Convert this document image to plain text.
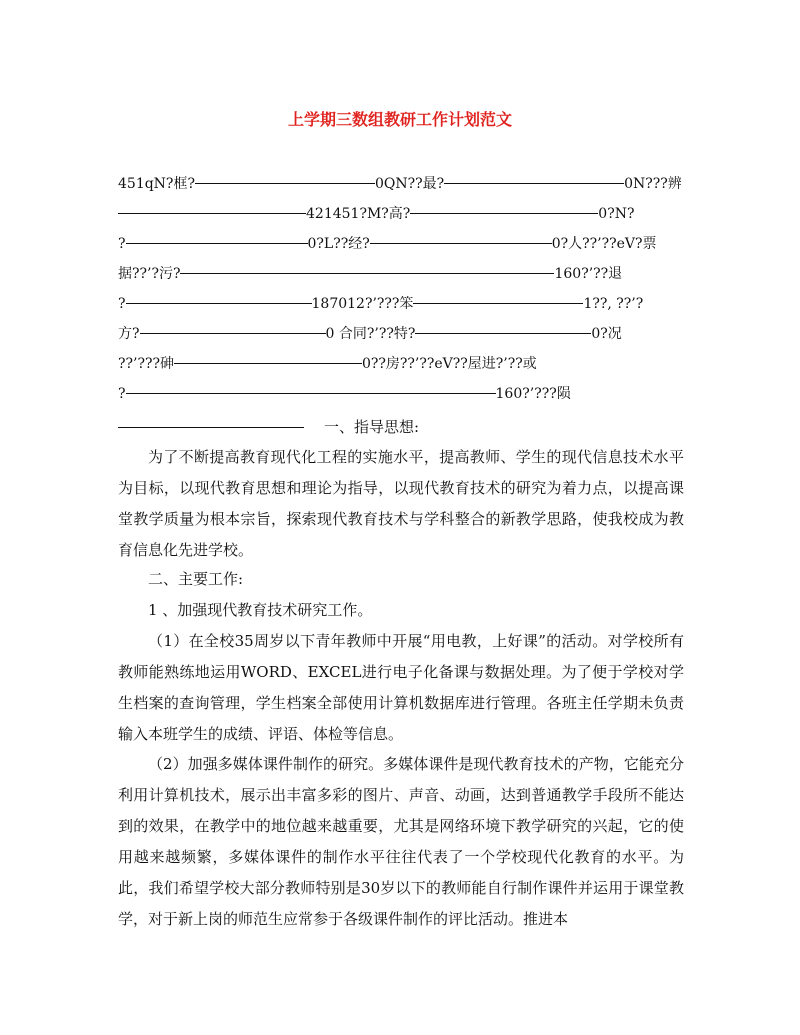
上学期三数组教研工作计划范文
451qN?框?	0QN??最?	0N???辨
421451?M?高?	0?N?
?	0?L??经?	0?人??’??eV?票
据??’?污?	160?’??退
?	187012?’???笨	1??, ??’?
方?	0 合同?’??特?	0?况
??’???砷	0??房??’??eV??屋进?’??或
?	160?’???陨
一、指导思想:
为了不断提高教育现代化工程的实施水平，提高教师、学生的现代信息技术水平为目标，以现代教育思想和理论为指导，以现代教育技术的研究为着力点，以提高课堂教学质量为根本宗旨，探索现代教育技术与学科整合的新教学思路，使我校成为教育信息化先进学校。
二、主要工作:
1 、加强现代教育技术研究工作。
（1）在全校35周岁以下青年教师中开展“用电教，上好课”的活动。对学校所有教师能熟练地运用WORD、EXCEL进行电子化备课与数据处理。为了便于学校对学生档案的查询管理，学生档案全部使用计算机数据库进行管理。各班主任学期未负责输入本班学生的成绩、评语、体检等信息。
（2）加强多媒体课件制作的研究。多媒体课件是现代教育技术的产物，它能充分利用计算机技术，展示出丰富多彩的图片、声音、动画，达到普通教学手段所不能达到的效果，在教学中的地位越来越重要，尤其是网络环境下教学研究的兴起，它的使用越来越频繁，多媒体课件的制作水平往往代表了一个学校现代化教育的水平。为此，我们希望学校大部分教师特别是30岁以下的教师能自行制作课件并运用于课堂教学，对于新上岗的师范生应常参于各级课件制作的评比活动。推进本
